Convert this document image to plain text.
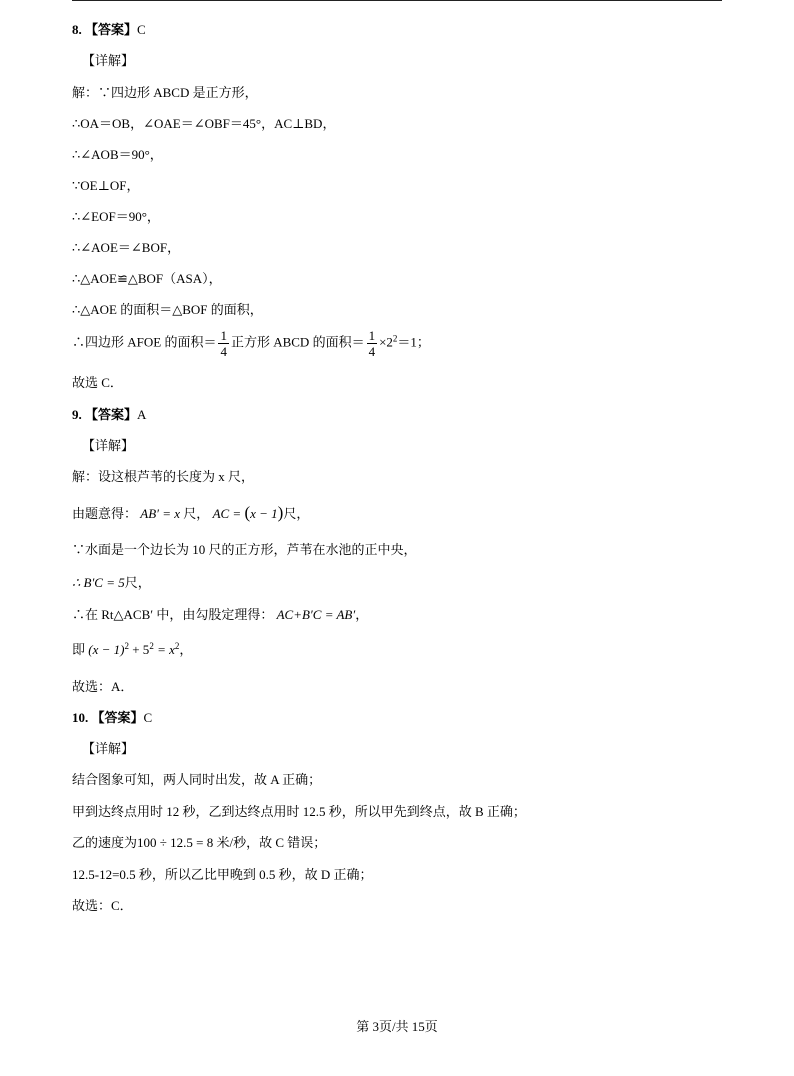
8. 【答案】C
【详解】
解：∵四边形 ABCD 是正方形，
∴OA＝OB，∠OAE＝∠OBF＝45°，AC⊥BD，
∴∠AOB＝90°，
∵OE⊥OF，
∴∠EOF＝90°，
∴∠AOE＝∠BOF，
∴△AOE≌△BOF（ASA），
∴△AOE 的面积＝△BOF 的面积，
∴四边形 AFOE 的面积＝ $\frac{1}{4}$ 正方形 ABCD 的面积＝ $\frac{1}{4} \times 2^2=1$；
故选 C．
9. 【答案】A
【详解】
解：设这根芦苇的长度为 x 尺，
由题意得： AB′ = x 尺， AC = (x − 1)尺，
∵水面是一个边长为 10 尺的正方形，芦苇在水池的正中央，
∴ B′C = 5尺，
∴在 Rt△ACB′ 中，由勾股定理得： AC+B′C = AB′，
即 $(x - 1)^2 + 5^2 = x^2$，
故选：A．
10. 【答案】C
【详解】
结合图象可知，两人同时出发，故 A 正确；
甲到达终点用时 12 秒，乙到达终点用时 12.5 秒，所以甲先到终点，故 B 正确；
乙的速度为100 ÷ 12.5 = 8 米/秒，故 C 错误；
12.5-12=0.5 秒，所以乙比甲晚到 0.5 秒，故 D 正确；
故选：C．
第 3页/共 15页
